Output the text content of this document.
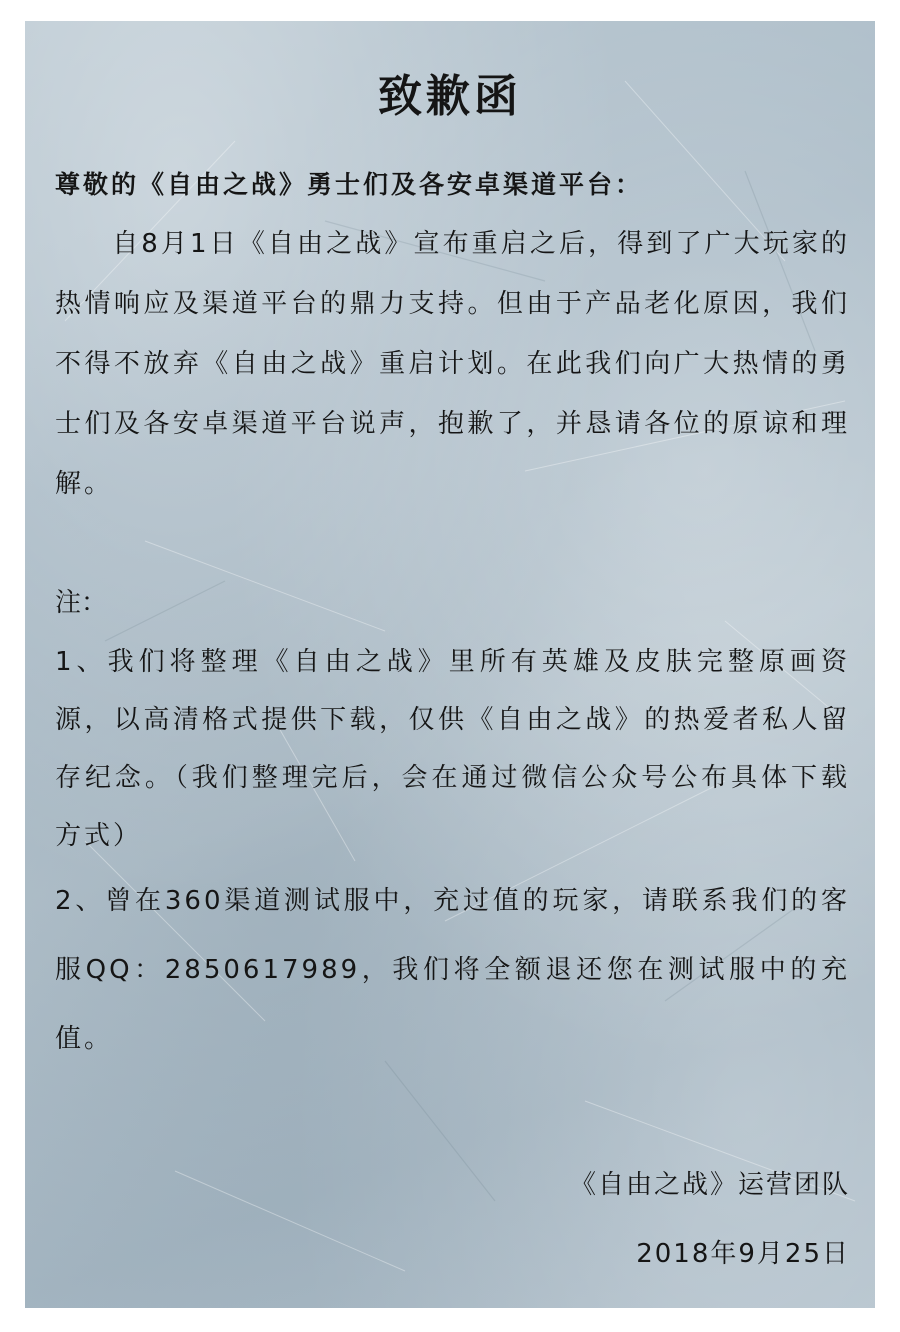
致歉函
尊敬的《自由之战》勇士们及各安卓渠道平台：
自8月1日《自由之战》宣布重启之后，得到了广大玩家的热情响应及渠道平台的鼎力支持。但由于产品老化原因，我们不得不放弃《自由之战》重启计划。在此我们向广大热情的勇士们及各安卓渠道平台说声，抱歉了，并恳请各位的原谅和理解。
注：
1、我们将整理《自由之战》里所有英雄及皮肤完整原画资源，以高清格式提供下载，仅供《自由之战》的热爱者私人留存纪念。（我们整理完后，会在通过微信公众号公布具体下载方式）
2、曾在360渠道测试服中，充过值的玩家，请联系我们的客服QQ：2850617989，我们将全额退还您在测试服中的充值。
《自由之战》运营团队
2018年9月25日
